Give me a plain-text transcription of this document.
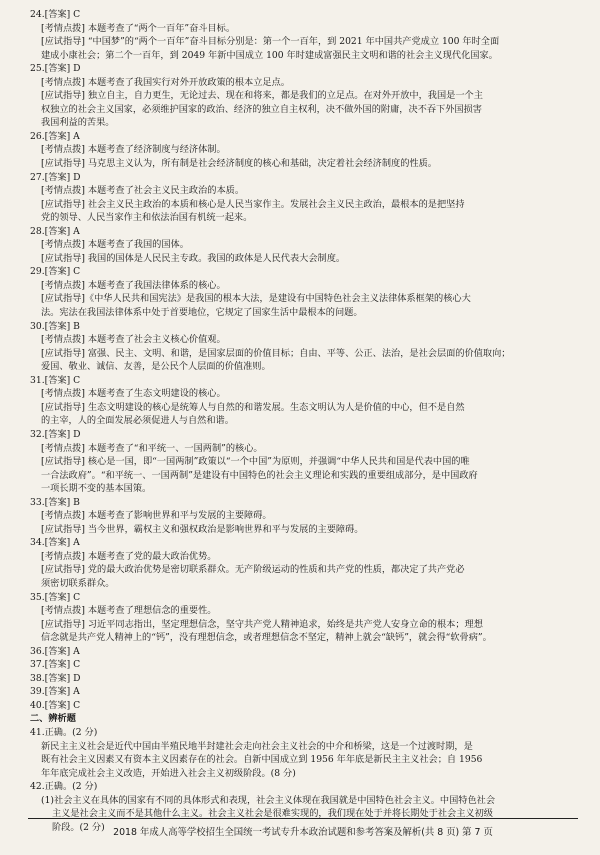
24.[答案] C
[考情点拨] 本题考查了“两个一百年”奋斗目标。
[应试指导] “中国梦”的“两个一百年”奋斗目标分别是：第一个一百年，到 2021 年中国共产党成立 100 年时全面
建成小康社会；第二个一百年，到 2049 年新中国成立 100 年时建成富强民主文明和谐的社会主义现代化国家。
25.[答案] D
[考情点拨] 本题考查了我国实行对外开放政策的根本立足点。
[应试指导] 独立自主，自力更生，无论过去、现在和将来，都是我们的立足点。在对外开放中，我国是一个主
权独立的社会主义国家，必须维护国家的政治、经济的独立自主权利，决不做外国的附庸，决不吞下外国损害
我国利益的苦果。
26.[答案] A
[考情点拨] 本题考查了经济制度与经济体制。
[应试指导] 马克思主义认为，所有制是社会经济制度的核心和基础，决定着社会经济制度的性质。
27.[答案] D
[考情点拨] 本题考查了社会主义民主政治的本质。
[应试指导] 社会主义民主政治的本质和核心是人民当家作主。发展社会主义民主政治，最根本的是把坚持
党的领导、人民当家作主和依法治国有机统一起来。
28.[答案] A
[考情点拨] 本题考查了我国的国体。
[应试指导] 我国的国体是人民民主专政。我国的政体是人民代表大会制度。
29.[答案] C
[考情点拨] 本题考查了我国法律体系的核心。
[应试指导]《中华人民共和国宪法》是我国的根本大法，是建设有中国特色社会主义法律体系框架的核心大
法。宪法在我国法律体系中处于首要地位，它规定了国家生活中最根本的问题。
30.[答案] B
[考情点拨] 本题考查了社会主义核心价值观。
[应试指导] 富强、民主、文明、和谐，是国家层面的价值目标；自由、平等、公正、法治，是社会层面的价值取向；
爱国、敬业、诚信、友善，是公民个人层面的价值准则。
31.[答案] C
[考情点拨] 本题考查了生态文明建设的核心。
[应试指导] 生态文明建设的核心是统筹人与自然的和谐发展。生态文明认为人是价值的中心，但不是自然
的主宰，人的全面发展必须促进人与自然和谐。
32.[答案] D
[考情点拨] 本题考查了“和平统一、一国两制”的核心。
[应试指导] 核心是一国，即“一国两制”政策以“一个中国”为原则，并强调“中华人民共和国是代表中国的唯
一合法政府”。“和平统一、一国两制”是建设有中国特色的社会主义理论和实践的重要组成部分，是中国政府
一项长期不变的基本国策。
33.[答案] B
[考情点拨] 本题考查了影响世界和平与发展的主要障碍。
[应试指导] 当今世界，霸权主义和强权政治是影响世界和平与发展的主要障碍。
34.[答案] A
[考情点拨] 本题考查了党的最大政治优势。
[应试指导] 党的最大政治优势是密切联系群众。无产阶级运动的性质和共产党的性质，都决定了共产党必
须密切联系群众。
35.[答案] C
[考情点拨] 本题考查了理想信念的重要性。
[应试指导] 习近平同志指出，坚定理想信念，坚守共产党人精神追求，始终是共产党人安身立命的根本；理想
信念就是共产党人精神上的“钙”，没有理想信念，或者理想信念不坚定，精神上就会“缺钙”，就会得“软骨病”。
36.[答案] A
37.[答案] C
38.[答案] D
39.[答案] A
40.[答案] C
二、辨析题
41.正确。(2 分)
新民主主义社会是近代中国由半殖民地半封建社会走向社会主义社会的中介和桥梁，这是一个过渡时期，是
既有社会主义因素又有资本主义因素存在的社会。自新中国成立到 1956 年年底是新民主主义社会；自 1956
年年底完成社会主义改造，开始进入社会主义初级阶段。(8 分)
42.正确。(2 分)
(1)社会主义在具体的国家有不同的具体形式和表现，社会主义体现在我国就是中国特色社会主义。中国特色社会
主义是社会主义而不是其他什么主义。社会主义社会是很难实现的，我们现在处于并将长期处于社会主义初级
阶段。(2 分) 2018 年成人高等学校招生全国统一考试专升本政治试题和参考答案及解析(共 8 页) 第 7 页
